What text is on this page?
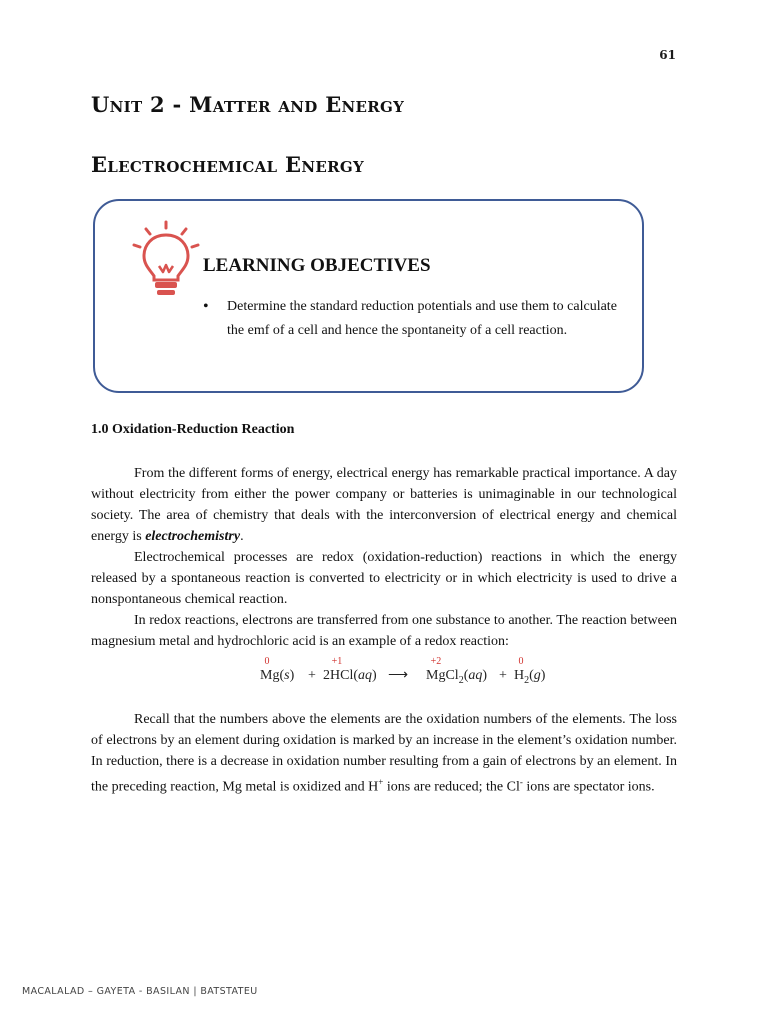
61
Unit 2 - Matter and Energy
Electrochemical Energy
LEARNING OBJECTIVES
• Determine the standard reduction potentials and use them to calculate the emf of a cell and hence the spontaneity of a cell reaction.
1.0 Oxidation-Reduction Reaction

From the different forms of energy, electrical energy has remarkable practical importance. A day without electricity from either the power company or batteries is unimaginable in our technological society. The area of chemistry that deals with the interconversion of electrical energy and chemical energy is electrochemistry.

Electrochemical processes are redox (oxidation-reduction) reactions in which the energy released by a spontaneous reaction is converted to electricity or in which electricity is used to drive a nonspontaneous chemical reaction.

In redox reactions, electrons are transferred from one substance to another. The reaction between magnesium metal and hydrochloric acid is an example of a redox reaction:

0	+1	+2	0
Mg(s) + 2HCl(aq) ⟶ MgCl$_2$(aq) + $H_2(g)$

Recall that the numbers above the elements are the oxidation numbers of the elements. The loss of electrons by an element during oxidation is marked by an increase in the element’s oxidation number. In reduction, there is a decrease in oxidation number resulting from a gain of electrons by an element. In the preceding reaction, Mg metal is oxidized and H+ ions are reduced; the Cl- ions are spectator ions.

MACALALAD – GAYETA - BASILAN | BATSTATEU
